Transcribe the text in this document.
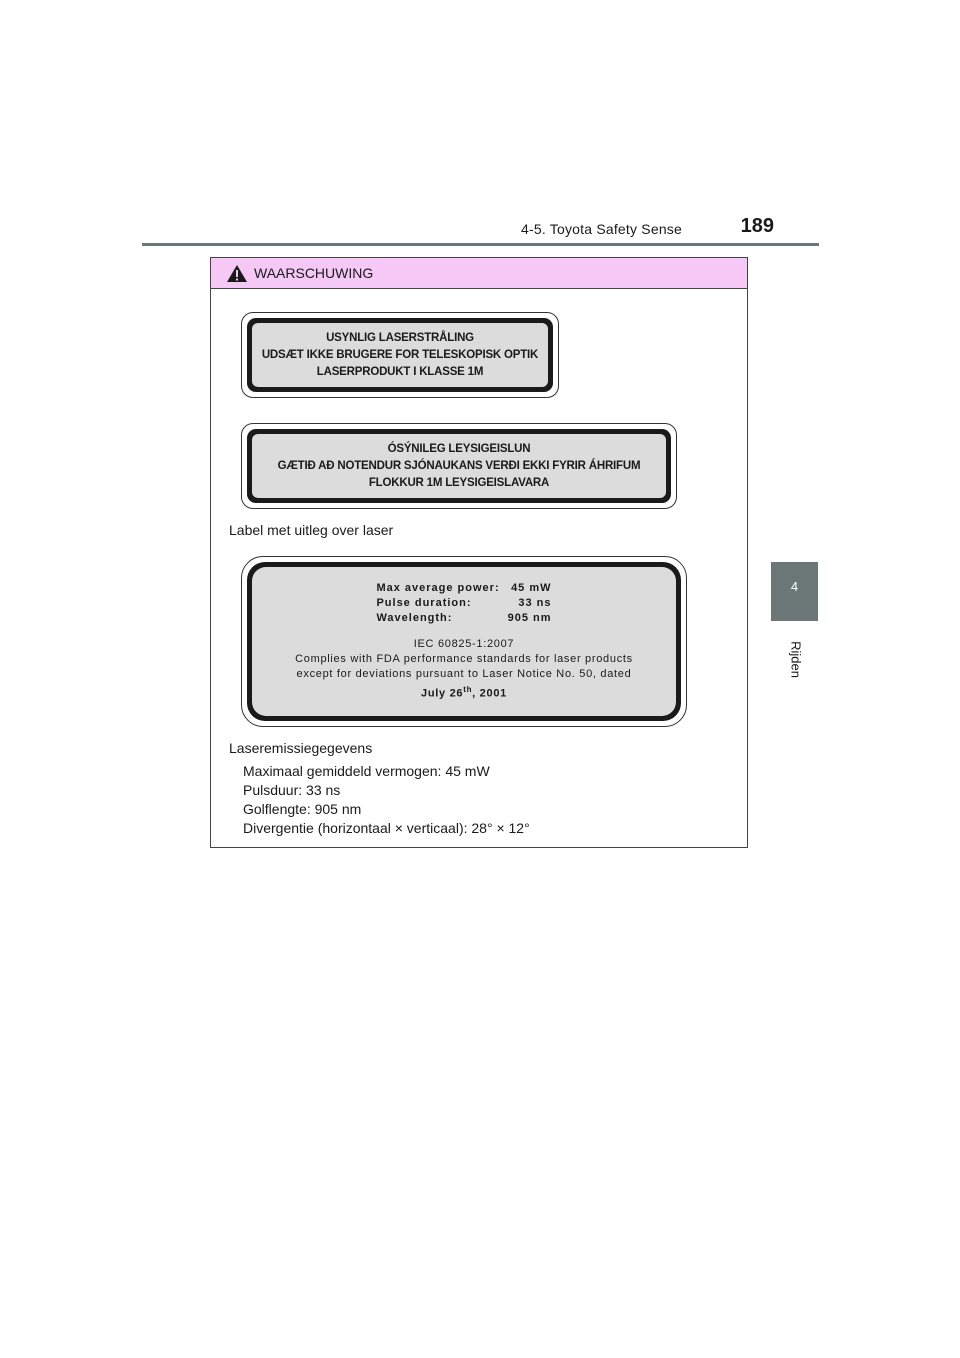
4-5. Toyota Safety Sense	189
4
Rijden
WAARSCHUWING
USYNLIG LASERSTRÅLING
UDSÆT IKKE BRUGERE FOR TELESKOPISK OPTIK
LASERPRODUKT I KLASSE 1M
ÓSÝNILEG LEYSIGEISLUN
GÆTIÐ AÐ NOTENDUR SJÓNAUKANS VERÐI EKKI FYRIR ÁHRIFUM
FLOKKUR 1M LEYSIGEISLAVARA
Label met uitleg over laser
Max average power:	45 mW
Pulse duration:	33 ns
Wavelength:	905 nm
IEC 60825-1:2007
Complies with FDA performance standards for laser products
except for deviations pursuant to Laser Notice No. 50, dated
July 26th, 2001
Laseremissiegegevens
Maximaal gemiddeld vermogen: 45 mW
Pulsduur: 33 ns
Golflengte: 905 nm
Divergentie (horizontaal × verticaal): 28° × 12°
